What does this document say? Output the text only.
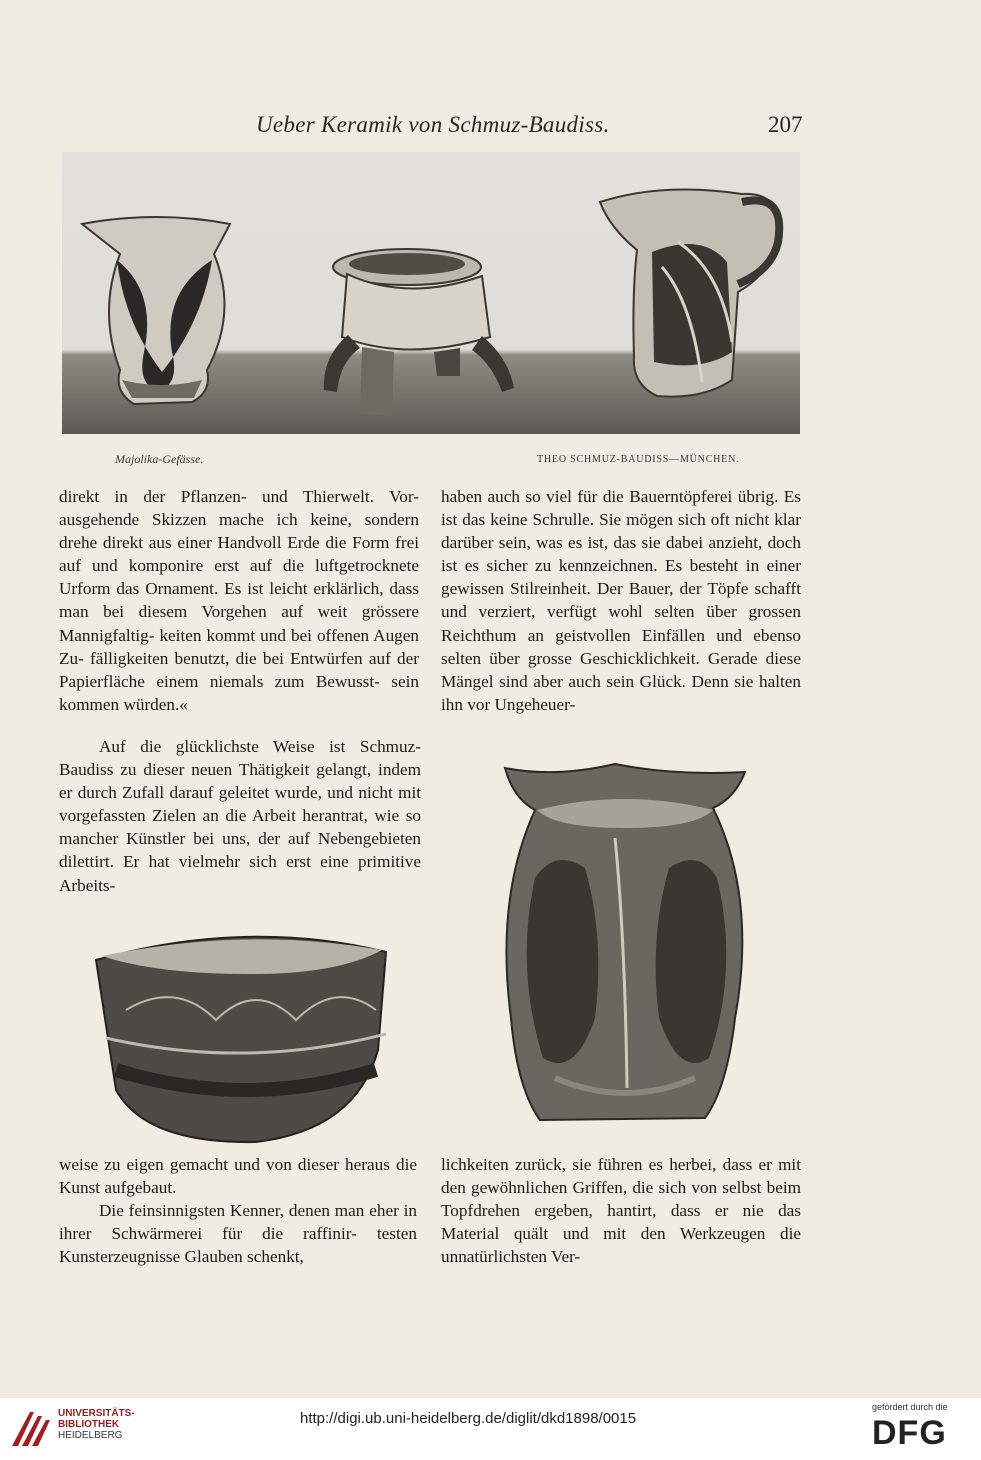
Ueber Keramik von Schmuz-Baudiss.	207
Majolika-Gefässe.	THEO SCHMUZ-BAUDISS—MÜNCHEN.

direkt in der Pflanzen- und Thierwelt. Vor- ausgehende Skizzen mache ich keine, sondern drehe direkt aus einer Handvoll Erde die Form frei auf und komponire erst auf die luftgetrocknete Urform das Ornament. Es ist leicht erklärlich, dass man bei diesem Vorgehen auf weit grössere Mannigfaltig- keiten kommt und bei offenen Augen Zu- fälligkeiten benutzt, die bei Entwürfen auf der Papierfläche einem niemals zum Bewusst- sein kommen würden.«

Auf die glücklichste Weise ist Schmuz- Baudiss zu dieser neuen Thätigkeit gelangt, indem er durch Zufall darauf geleitet wurde, und nicht mit vorgefassten Zielen an die Arbeit herantrat, wie so mancher Künstler bei uns, der auf Nebengebieten dilettirt. Er hat vielmehr sich erst eine primitive Arbeits-

haben auch so viel für die Bauerntöpferei übrig. Es ist das keine Schrulle. Sie mögen sich oft nicht klar darüber sein, was es ist, das sie dabei anzieht, doch ist es sicher zu kennzeichnen. Es besteht in einer gewissen Stilreinheit. Der Bauer, der Töpfe schafft und verziert, verfügt wohl selten über grossen Reichthum an geistvollen Einfällen und ebenso selten über grosse Geschicklichkeit. Gerade diese Mängel sind aber auch sein Glück. Denn sie halten ihn vor Ungeheuer-

weise zu eigen gemacht und von dieser heraus die Kunst aufgebaut.

Die feinsinnigsten Kenner, denen man eher in ihrer Schwärmerei für die raffinir- testen Kunsterzeugnisse Glauben schenkt,

lichkeiten zurück, sie führen es herbei, dass er mit den gewöhnlichen Griffen, die sich von selbst beim Topfdrehen ergeben, hantirt, dass er nie das Material quält und mit den Werkzeugen die unnatürlichsten Ver-

UNIVERSITÄTS-
BIBLIOTHEK
HEIDELBERG
http://digi.ub.uni-heidelberg.de/diglit/dkd1898/0015
gefördert durch die
DFG
